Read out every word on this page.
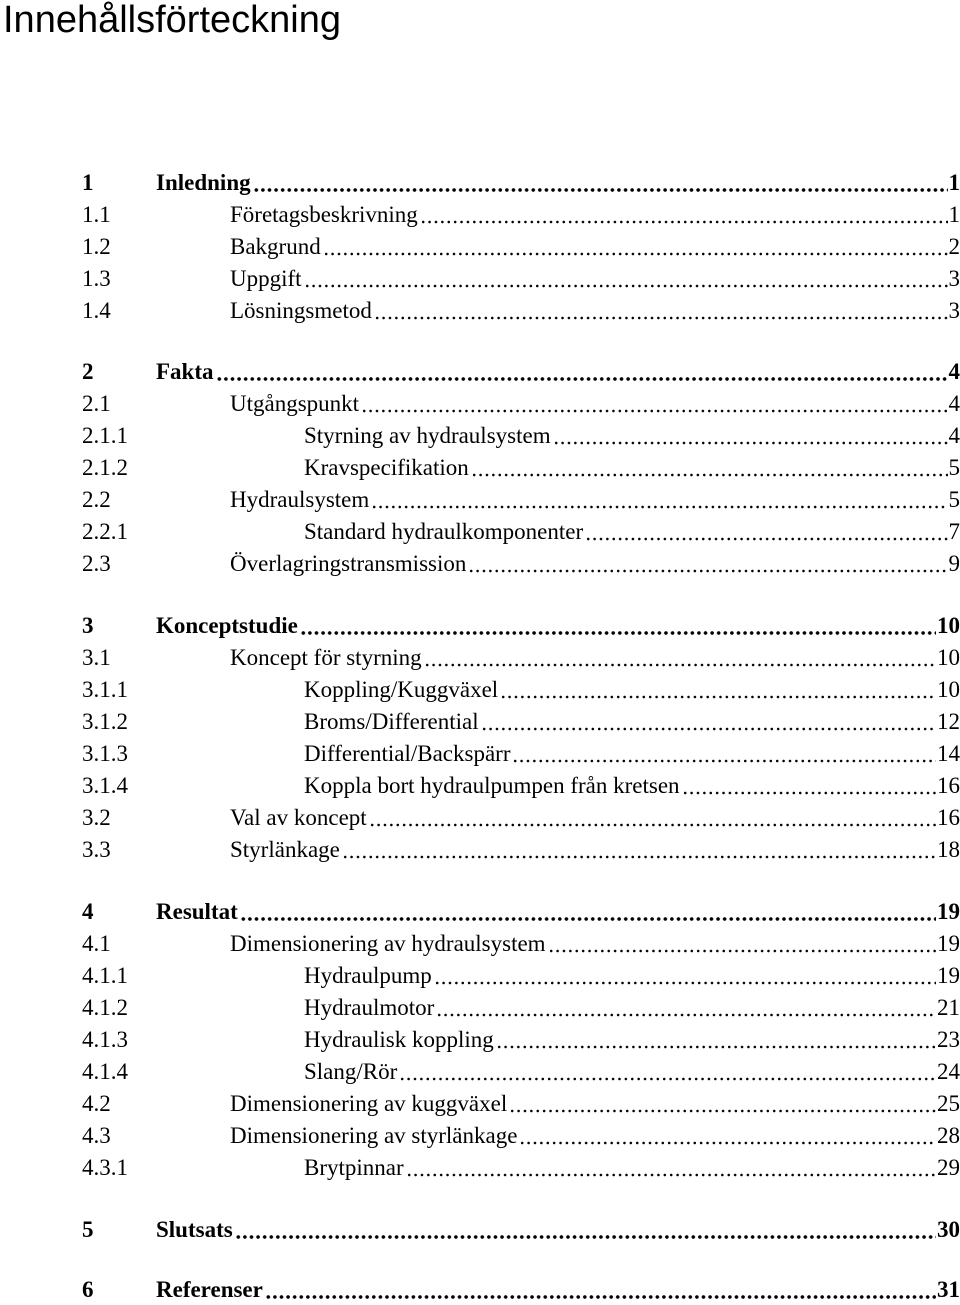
Innehållsförteckning
1	Inledning	1
1.1	Företagsbeskrivning	1
1.2	Bakgrund	2
1.3	Uppgift	3
1.4	Lösningsmetod	3
2	Fakta	4
2.1	Utgångspunkt	4
2.1.1	Styrning av hydraulsystem	4
2.1.2	Kravspecifikation	5
2.2	Hydraulsystem	5
2.2.1	Standard hydraulkomponenter	7
2.3	Överlagringstransmission	9
3	Konceptstudie	10
3.1	Koncept för styrning	10
3.1.1	Koppling/Kuggväxel	10
3.1.2	Broms/Differential	12
3.1.3	Differential/Backspärr	14
3.1.4	Koppla bort hydraulpumpen från kretsen	16
3.2	Val av koncept	16
3.3	Styrlänkage	18
4	Resultat	19
4.1	Dimensionering av hydraulsystem	19
4.1.1	Hydraulpump	19
4.1.2	Hydraulmotor	21
4.1.3	Hydraulisk koppling	23
4.1.4	Slang/Rör	24
4.2	Dimensionering av kuggväxel	25
4.3	Dimensionering av styrlänkage	28
4.3.1	Brytpinnar	29
5	Slutsats	30
6	Referenser	31
